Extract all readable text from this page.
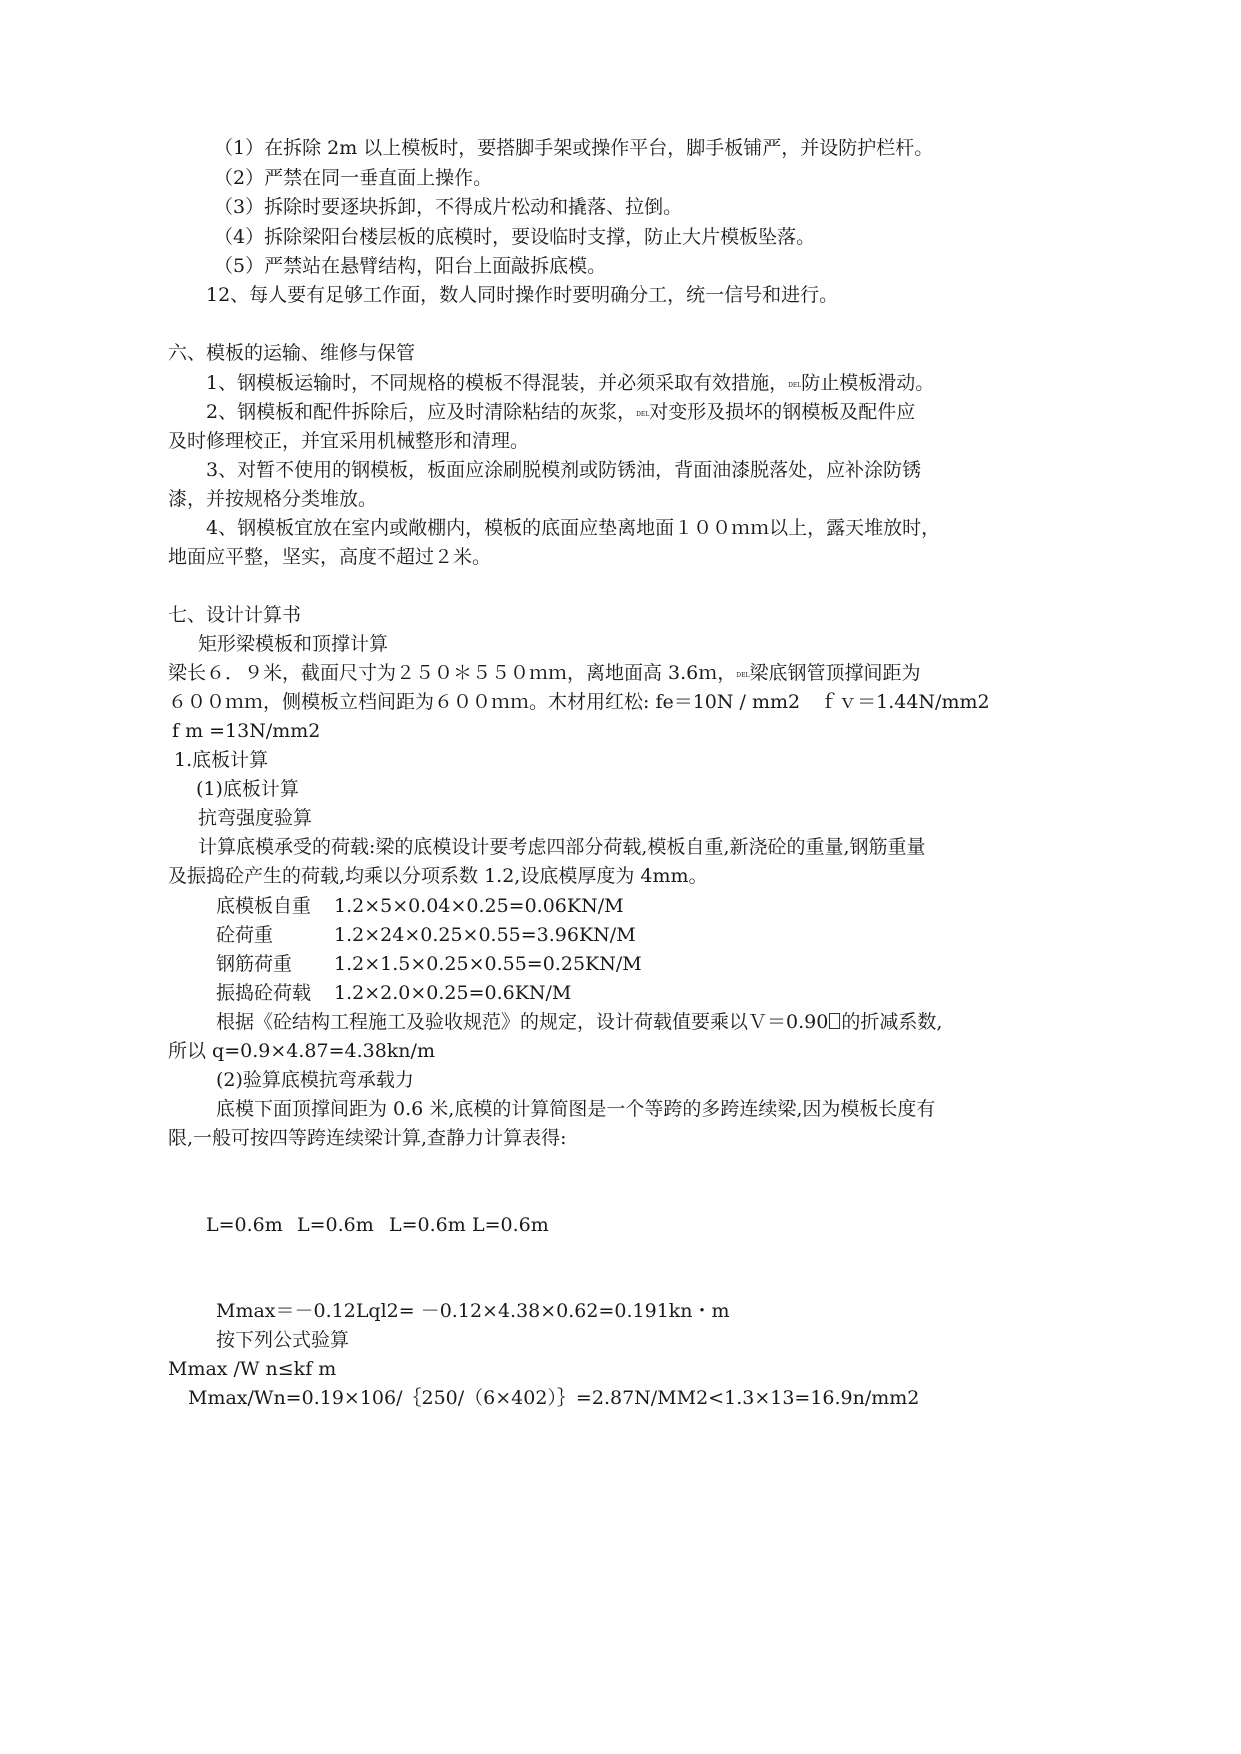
（1）在拆除 2m 以上模板时，要搭脚手架或操作平台，脚手板铺严，并设防护栏杆。
（2）严禁在同一垂直面上操作。
（3）拆除时要逐块拆卸，不得成片松动和撬落、拉倒。
（4）拆除梁阳台楼层板的底模时，要设临时支撑，防止大片模板坠落。
（5）严禁站在悬臂结构，阳台上面敲拆底模。
12、每人要有足够工作面，数人同时操作时要明确分工，统一信号和进行。
六、模板的运输、维修与保管
1、钢模板运输时，不同规格的模板不得混装，并必须采取有效措施，DEL防止模板滑动。
2、钢模板和配件拆除后，应及时清除粘结的灰浆，DEL对变形及损坏的钢模板及配件应
及时修理校正，并宜采用机械整形和清理。
3、对暂不使用的钢模板，板面应涂刷脱模剂或防锈油，背面油漆脱落处，应补涂防锈
漆，并按规格分类堆放。
4、钢模板宜放在室内或敞棚内，模板的底面应垫离地面１００ｍｍ以上，露天堆放时，
地面应平整，坚实，高度不超过２米。
七、设计计算书
矩形梁模板和顶撑计算
梁长６．９米，截面尺寸为２５０＊５５０ｍｍ，离地面高 3.6ｍ，DEL梁底钢管顶撑间距为
６００ｍｍ，侧模板立档间距为６００ｍｍ。木材用红松: fe＝10N / mm2　ｆｖ＝1.44N/mm2
f m =13N/mm2
1.底板计算
(1)底板计算
抗弯强度验算
计算底模承受的荷载:梁的底模设计要考虑四部分荷载,模板自重,新浇砼的重量,钢筋重量
及振捣砼产生的荷载,均乘以分项系数 1.2,设底模厚度为 4mm。
底模板自重 1.2×5×0.04×0.25=0.06KN/M
砼荷重	1.2×24×0.25×0.55=3.96KN/M
钢筋荷重 1.2×1.5×0.25×0.55=0.25KN/M
振捣砼荷载 1.2×2.0×0.25=0.6KN/M
根据《砼结构工程施工及验收规范》的规定，设计荷载值要乘以Ｖ＝0.90 的折减系数,
所以 q=0.9×4.87=4.38kn/m
(2)验算底模抗弯承载力
底模下面顶撑间距为 0.6 米,底模的计算简图是一个等跨的多跨连续梁,因为模板长度有
限,一般可按四等跨连续梁计算,查静力计算表得:
L=0.6m L=0.6m L=0.6m L=0.6m
Mmax＝－0.12Lql2= －0.12×4.38×0.62=0.191kn・m
按下列公式验算
Mmax /W n≤kf m
Mmax/Wn=0.19×106/｛250/（6×402）｝=2.87N/MM2<1.3×13=16.9n/mm2
